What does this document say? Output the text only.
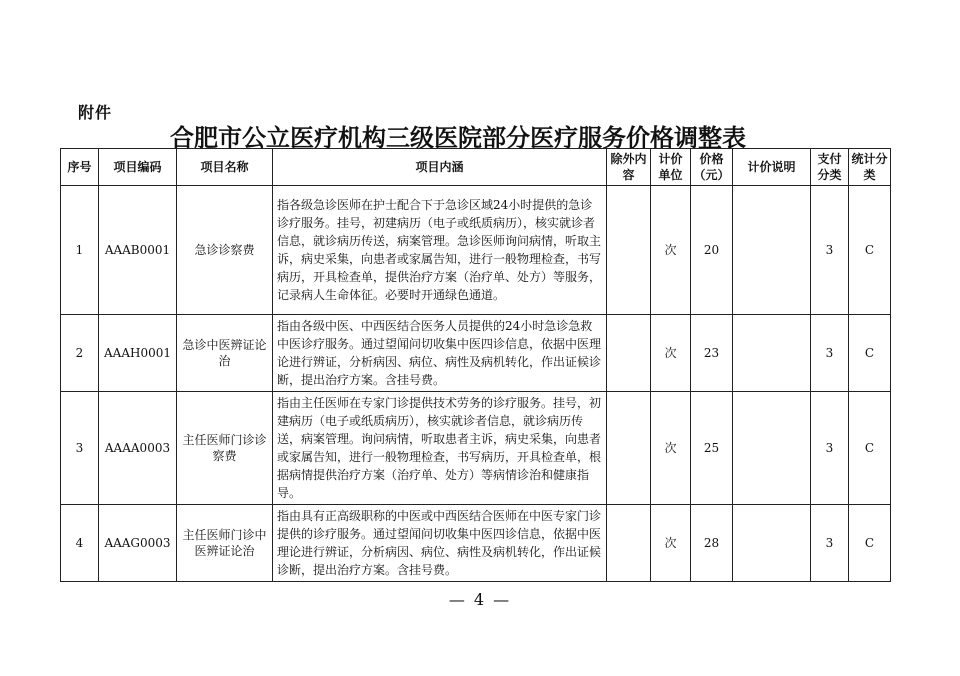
附件
合肥市公立医疗机构三级医院部分医疗服务价格调整表
序号	项目编码	项目名称	项目内涵	除外内容	计价单位	价格（元）	计价说明	支付分类	统计分类
1	AAAB0001	急诊诊察费	指各级急诊医师在护士配合下于急诊区域24小时提供的急诊诊疗服务。挂号，初建病历（电子或纸质病历），核实就诊者信息，就诊病历传送，病案管理。急诊医师询问病情，听取主诉，病史采集，向患者或家属告知，进行一般物理检查，书写病历，开具检查单，提供治疗方案（治疗单、处方）等服务，记录病人生命体征。必要时开通绿色通道。		次	20		3	C
2	AAAH0001	急诊中医辨证论治	指由各级中医、中西医结合医务人员提供的24小时急诊急救中医诊疗服务。通过望闻问切收集中医四诊信息，依据中医理论进行辨证，分析病因、病位、病性及病机转化，作出证候诊断，提出治疗方案。含挂号费。		次	23		3	C
3	AAAA0003	主任医师门诊诊察费	指由主任医师在专家门诊提供技术劳务的诊疗服务。挂号，初建病历（电子或纸质病历），核实就诊者信息，就诊病历传送，病案管理。询问病情，听取患者主诉，病史采集，向患者或家属告知，进行一般物理检查，书写病历，开具检查单，根据病情提供治疗方案（治疗单、处方）等病情诊治和健康指导。		次	25		3	C
4	AAAG0003	主任医师门诊中医辨证论治	指由具有正高级职称的中医或中西医结合医师在中医专家门诊提供的诊疗服务。通过望闻问切收集中医四诊信息，依据中医理论进行辨证，分析病因、病位、病性及病机转化，作出证候诊断，提出治疗方案。含挂号费。		次	28		3	C
— 4 —
